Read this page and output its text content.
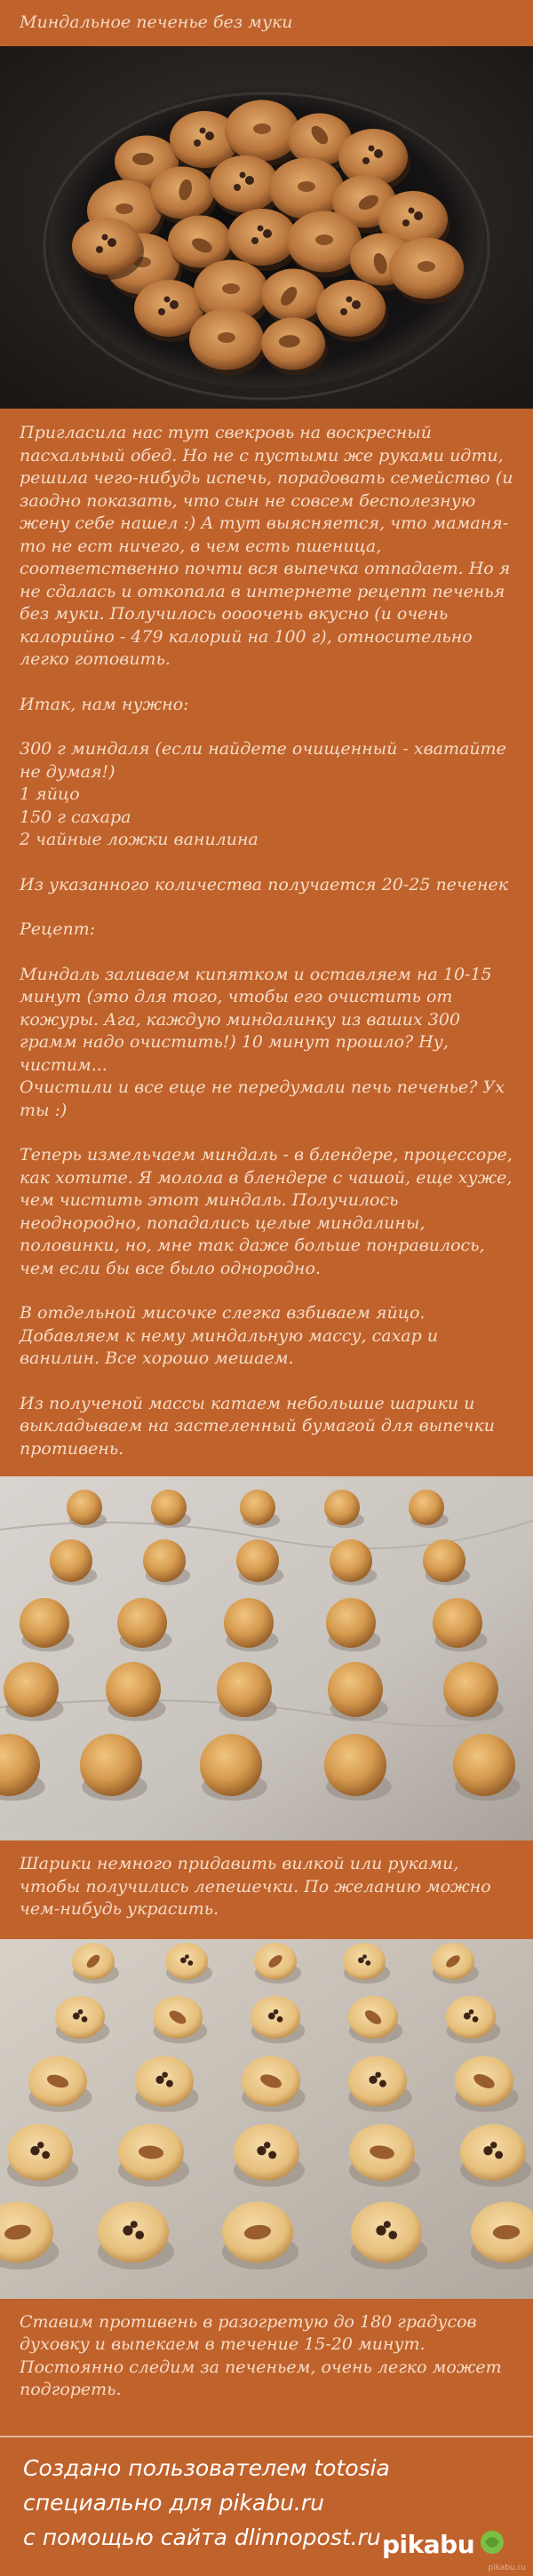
Миндальное печенье без муки

Пригласила нас тут свекровь на воскресный пасхальный обед. Но не с пустыми же руками идти, решила чего-нибудь испечь, порадовать семейство (и заодно показать, что сын не совсем бесполезную жену себе нашел :) А тут выясняется, что маманя-то не ест ничего, в чем есть пшеница, соответственно почти вся выпечка отпадает. Но я не сдалась и откопала в интернете рецепт печенья без муки. Получилось оооочень вкусно (и очень калорийно - 479 калорий на 100 г), относительно легко готовить.

Итак, нам нужно:

300 г миндаля (если найдете очищенный - хватайте не думая!)

1 яйцо

150 г сахара

2 чайные ложки ванилина

Из указанного количества получается 20-25 печенек

Рецепт:

Миндаль заливаем кипятком и оставляем на 10-15 минут (это для того, чтобы его очистить от кожуры. Ага, каждую миндалинку из ваших 300 грамм надо очистить!) 10 минут прошло? Ну, чистим...

Очистили и все еще не передумали печь печенье? Ух ты :)

Теперь измельчаем миндаль - в блендере, процессоре, как хотите. Я молола в блендере с чашой, еще хуже, чем чистить этот миндаль. Получилось неоднородно, попадались целые миндалины, половинки, но, мне так даже больше понравилось, чем если бы все было однородно.

В отдельной мисочке слегка взбиваем яйцо. Добавляем к нему миндальную массу, сахар и ванилин. Все хорошо мешаем.

Из полученой массы катаем небольшие шарики и выкладываем на застеленный бумагой для выпечки противень.

Шарики немного придавить вилкой или руками, чтобы получились лепешечки. По желанию можно чем-нибудь украсить.

Ставим противень в разогретую до 180 градусов духовку и выпекаем в течение 15-20 минут. Постоянно следим за печеньем, очень легко может подгореть.

Создано пользователем totosia
специально для pikabu.ru
с помощью сайта dlinnopost.ru pikabu
pikabu.ru
